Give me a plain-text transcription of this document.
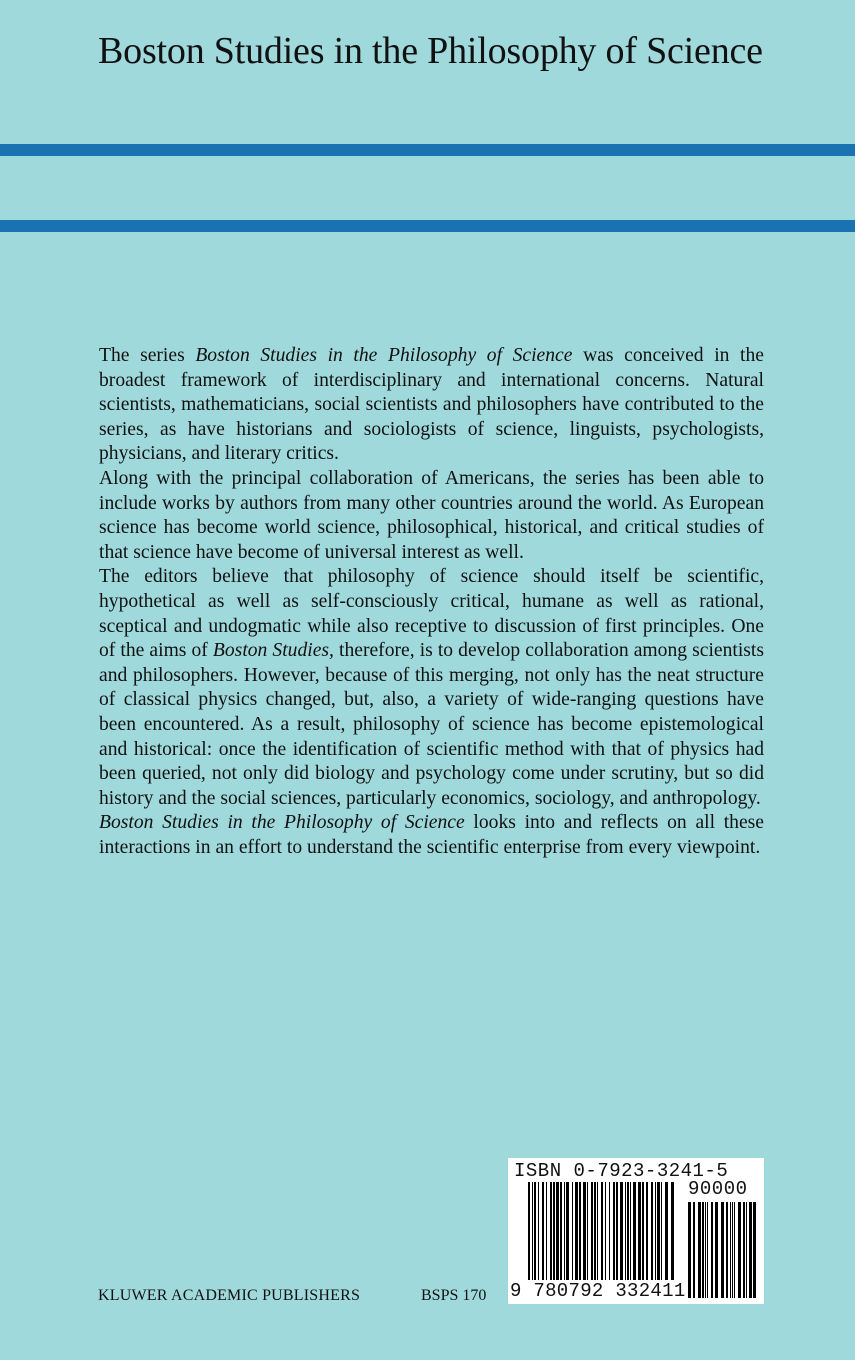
Boston Studies in the Philosophy of Science

The series Boston Studies in the Philosophy of Science was conceived in the broadest framework of interdisciplinary and international concerns. Natural scientists, mathematicians, social scientists and philosophers have contributed to the series, as have historians and sociologists of science, linguists, psychologists, physicians, and literary critics.

Along with the principal collaboration of Americans, the series has been able to include works by authors from many other countries around the world. As European science has become world science, philosophical, historical, and critical studies of that science have become of universal interest as well.

The editors believe that philosophy of science should itself be scientific, hypothetical as well as self-consciously critical, humane as well as rational, sceptical and undogmatic while also receptive to discussion of first principles. One of the aims of Boston Studies, therefore, is to develop collaboration among scientists and philosophers. However, because of this merging, not only has the neat structure of classical physics changed, but, also, a variety of wide-ranging questions have been encountered. As a result, philosophy of science has become epistemological and historical: once the identification of scientific method with that of physics had been queried, not only did biology and psychology come under scrutiny, but so did history and the social sciences, particularly economics, sociology, and anthropology.

Boston Studies in the Philosophy of Science looks into and reflects on all these interactions in an effort to understand the scientific enterprise from every viewpoint.

ISBN 0-7923-3241-5
90000
9 780792 332411
KLUWER ACADEMIC PUBLISHERS	BSPS 170
